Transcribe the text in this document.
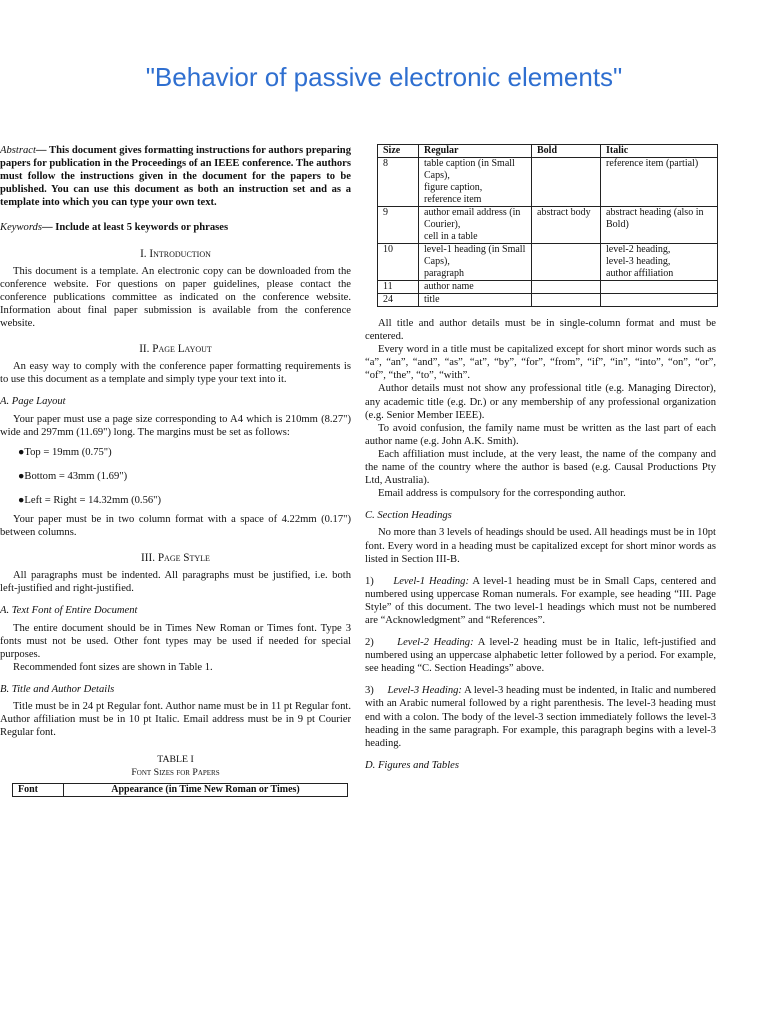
"Behavior of passive electronic elements"

Abstract— This document gives formatting instructions for authors preparing papers for publication in the Proceedings of an IEEE conference. The authors must follow the instructions given in the document for the papers to be published. You can use this document as both an instruction set and as a template into which you can type your own text.

Keywords— Include at least 5 keywords or phrases

I. Introduction

This document is a template. An electronic copy can be downloaded from the conference website. For questions on paper guidelines, please contact the conference publications committee as indicated on the conference website. Information about final paper submission is available from the conference website.

II. Page Layout

An easy way to comply with the conference paper formatting requirements is to use this document as a template and simply type your text into it.

A. Page Layout

Your paper must use a page size corresponding to A4 which is 210mm (8.27") wide and 297mm (11.69") long. The margins must be set as follows:

●Top = 19mm (0.75")

●Bottom = 43mm (1.69")

●Left = Right = 14.32mm (0.56")

Your paper must be in two column format with a space of 4.22mm (0.17") between columns.

III. Page Style

All paragraphs must be indented. All paragraphs must be justified, i.e. both left-justified and right-justified.

A. Text Font of Entire Document

The entire document should be in Times New Roman or Times font. Type 3 fonts must not be used. Other font types may be used if needed for special purposes.

Recommended font sizes are shown in Table 1.

B. Title and Author Details

Title must be in 24 pt Regular font. Author name must be in 11 pt Regular font. Author affiliation must be in 10 pt Italic. Email address must be in 9 pt Courier Regular font.

TABLE I
Font Sizes for Papers
Font	Appearance (in Time New Roman or Times)
Size	Regular	Bold	Italic
8	table caption (in Small Caps),
figure caption,
reference item		reference item (partial)
9	author email address (in Courier),
cell in a table	abstract body	abstract heading (also in Bold)
10	level-1 heading (in Small Caps),
paragraph		level-2 heading,
level-3 heading,
author affiliation
11	author name		
24	title		

All title and author details must be in single-column format and must be centered.

Every word in a title must be capitalized except for short minor words such as “a”, “an”, “and”, “as”, “at”, “by”, “for”, “from”, “if”, “in”, “into”, “on”, “or”, “of”, “the”, “to”, “with”.

Author details must not show any professional title (e.g. Managing Director), any academic title (e.g. Dr.) or any membership of any professional organization (e.g. Senior Member IEEE).

To avoid confusion, the family name must be written as the last part of each author name (e.g. John A.K. Smith).

Each affiliation must include, at the very least, the name of the company and the name of the country where the author is based (e.g. Causal Productions Pty Ltd, Australia).

Email address is compulsory for the corresponding author.

C. Section Headings

No more than 3 levels of headings should be used. All headings must be in 10pt font. Every word in a heading must be capitalized except for short minor words as listed in Section III-B.

1) Level-1 Heading: A level-1 heading must be in Small Caps, centered and numbered using uppercase Roman numerals. For example, see heading “III. Page Style” of this document. The two level-1 headings which must not be numbered are “Acknowledgment” and “References”.

2) Level-2 Heading: A level-2 heading must be in Italic, left-justified and numbered using an uppercase alphabetic letter followed by a period. For example, see heading “C. Section Headings” above.

3) Level-3 Heading: A level-3 heading must be indented, in Italic and numbered with an Arabic numeral followed by a right parenthesis. The level-3 heading must end with a colon. The body of the level-3 section immediately follows the level-3 heading in the same paragraph. For example, this paragraph begins with a level-3 heading.

D. Figures and Tables
